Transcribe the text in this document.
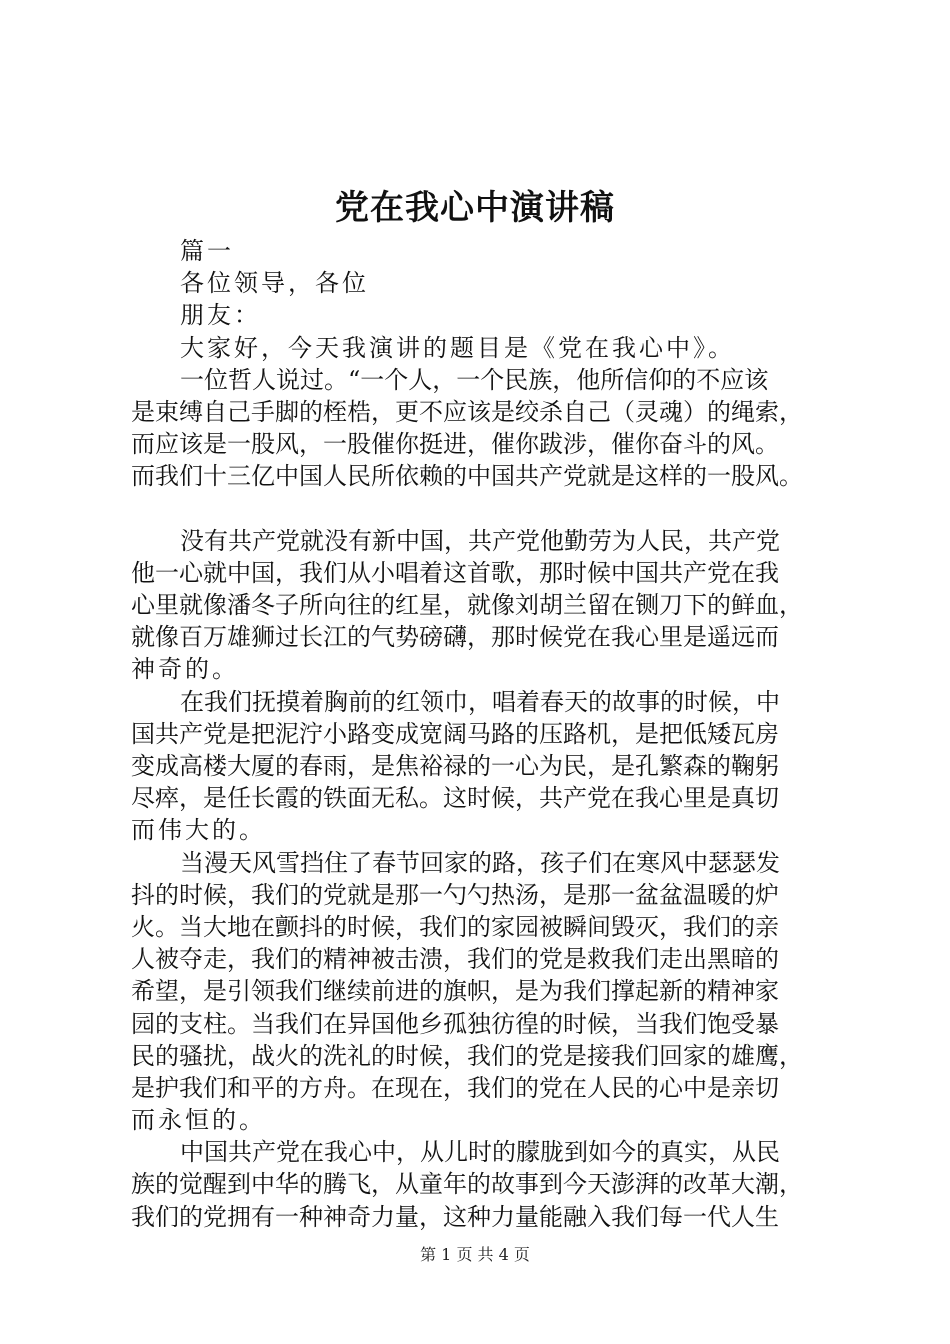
党在我心中演讲稿
篇一
各位领导，各位
朋友：
大家好，今天我演讲的题目是《党在我心中》。
一位哲人说过。“一个人，一个民族，他所信仰的不应该
是束缚自己手脚的桎梏，更不应该是绞杀自己（灵魂）的绳索，
而应该是一股风，一股催你挺进，催你跋涉，催你奋斗的风。
而我们十三亿中国人民所依赖的中国共产党就是这样的一股风。
没有共产党就没有新中国，共产党他勤劳为人民，共产党
他一心就中国，我们从小唱着这首歌，那时候中国共产党在我
心里就像潘冬子所向往的红星，就像刘胡兰留在铡刀下的鲜血，
就像百万雄狮过长江的气势磅礴，那时候党在我心里是遥远而
神奇的。
在我们抚摸着胸前的红领巾，唱着春天的故事的时候，中
国共产党是把泥泞小路变成宽阔马路的压路机，是把低矮瓦房
变成高楼大厦的春雨，是焦裕禄的一心为民，是孔繁森的鞠躬
尽瘁，是任长霞的铁面无私。这时候，共产党在我心里是真切
而伟大的。
当漫天风雪挡住了春节回家的路，孩子们在寒风中瑟瑟发
抖的时候，我们的党就是那一勺勺热汤，是那一盆盆温暖的炉
火。当大地在颤抖的时候，我们的家园被瞬间毁灭，我们的亲
人被夺走，我们的精神被击溃，我们的党是救我们走出黑暗的
希望，是引领我们继续前进的旗帜，是为我们撑起新的精神家
园的支柱。当我们在异国他乡孤独彷徨的时候，当我们饱受暴
民的骚扰，战火的洗礼的时候，我们的党是接我们回家的雄鹰，
是护我们和平的方舟。在现在，我们的党在人民的心中是亲切
而永恒的。
中国共产党在我心中，从儿时的朦胧到如今的真实，从民
族的觉醒到中华的腾飞，从童年的故事到今天澎湃的改革大潮，
我们的党拥有一种神奇力量，这种力量能融入我们每一代人生
第 1 页 共 4 页
